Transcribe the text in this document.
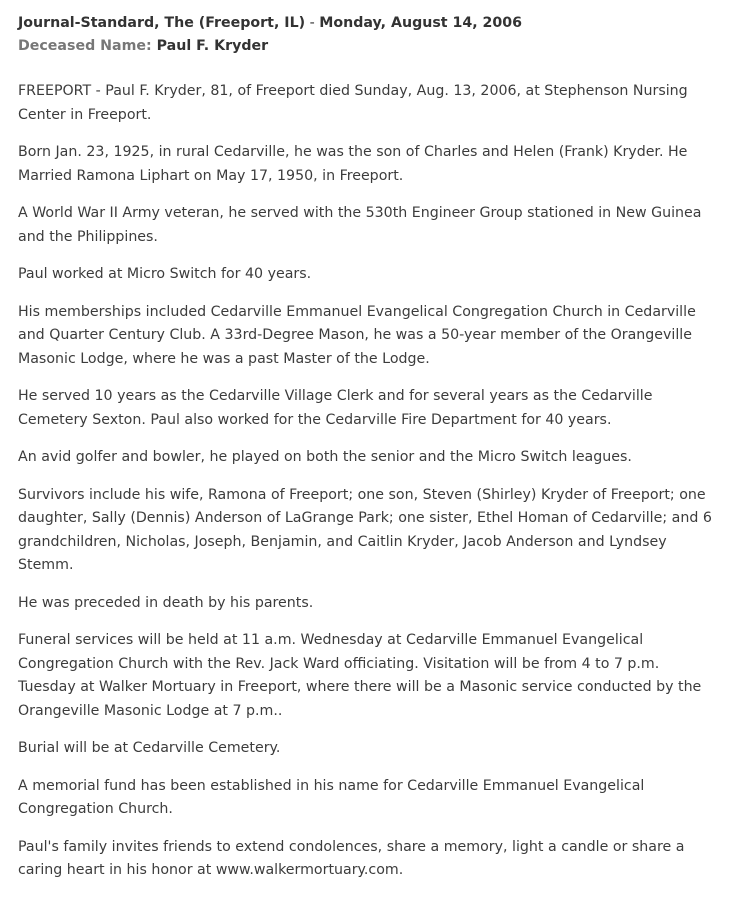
Journal-Standard, The (Freeport, IL) - Monday, August 14, 2006

Deceased Name: Paul F. Kryder

FREEPORT - Paul F. Kryder, 81, of Freeport died Sunday, Aug. 13, 2006, at Stephenson Nursing Center in Freeport.

Born Jan. 23, 1925, in rural Cedarville, he was the son of Charles and Helen (Frank) Kryder. He Married Ramona Liphart on May 17, 1950, in Freeport.

A World War II Army veteran, he served with the 530th Engineer Group stationed in New Guinea and the Philippines.

Paul worked at Micro Switch for 40 years.

His memberships included Cedarville Emmanuel Evangelical Congregation Church in Cedarville and Quarter Century Club. A 33rd-Degree Mason, he was a 50-year member of the Orangeville Masonic Lodge, where he was a past Master of the Lodge.

He served 10 years as the Cedarville Village Clerk and for several years as the Cedarville Cemetery Sexton. Paul also worked for the Cedarville Fire Department for 40 years.

An avid golfer and bowler, he played on both the senior and the Micro Switch leagues.

Survivors include his wife, Ramona of Freeport; one son, Steven (Shirley) Kryder of Freeport; one daughter, Sally (Dennis) Anderson of LaGrange Park; one sister, Ethel Homan of Cedarville; and 6 grandchildren, Nicholas, Joseph, Benjamin, and Caitlin Kryder, Jacob Anderson and Lyndsey Stemm.

He was preceded in death by his parents.

Funeral services will be held at 11 a.m. Wednesday at Cedarville Emmanuel Evangelical Congregation Church with the Rev. Jack Ward officiating. Visitation will be from 4 to 7 p.m. Tuesday at Walker Mortuary in Freeport, where there will be a Masonic service conducted by the Orangeville Masonic Lodge at 7 p.m..

Burial will be at Cedarville Cemetery.

A memorial fund has been established in his name for Cedarville Emmanuel Evangelical Congregation Church.

Paul's family invites friends to extend condolences, share a memory, light a candle or share a caring heart in his honor at www.walkermortuary.com.
